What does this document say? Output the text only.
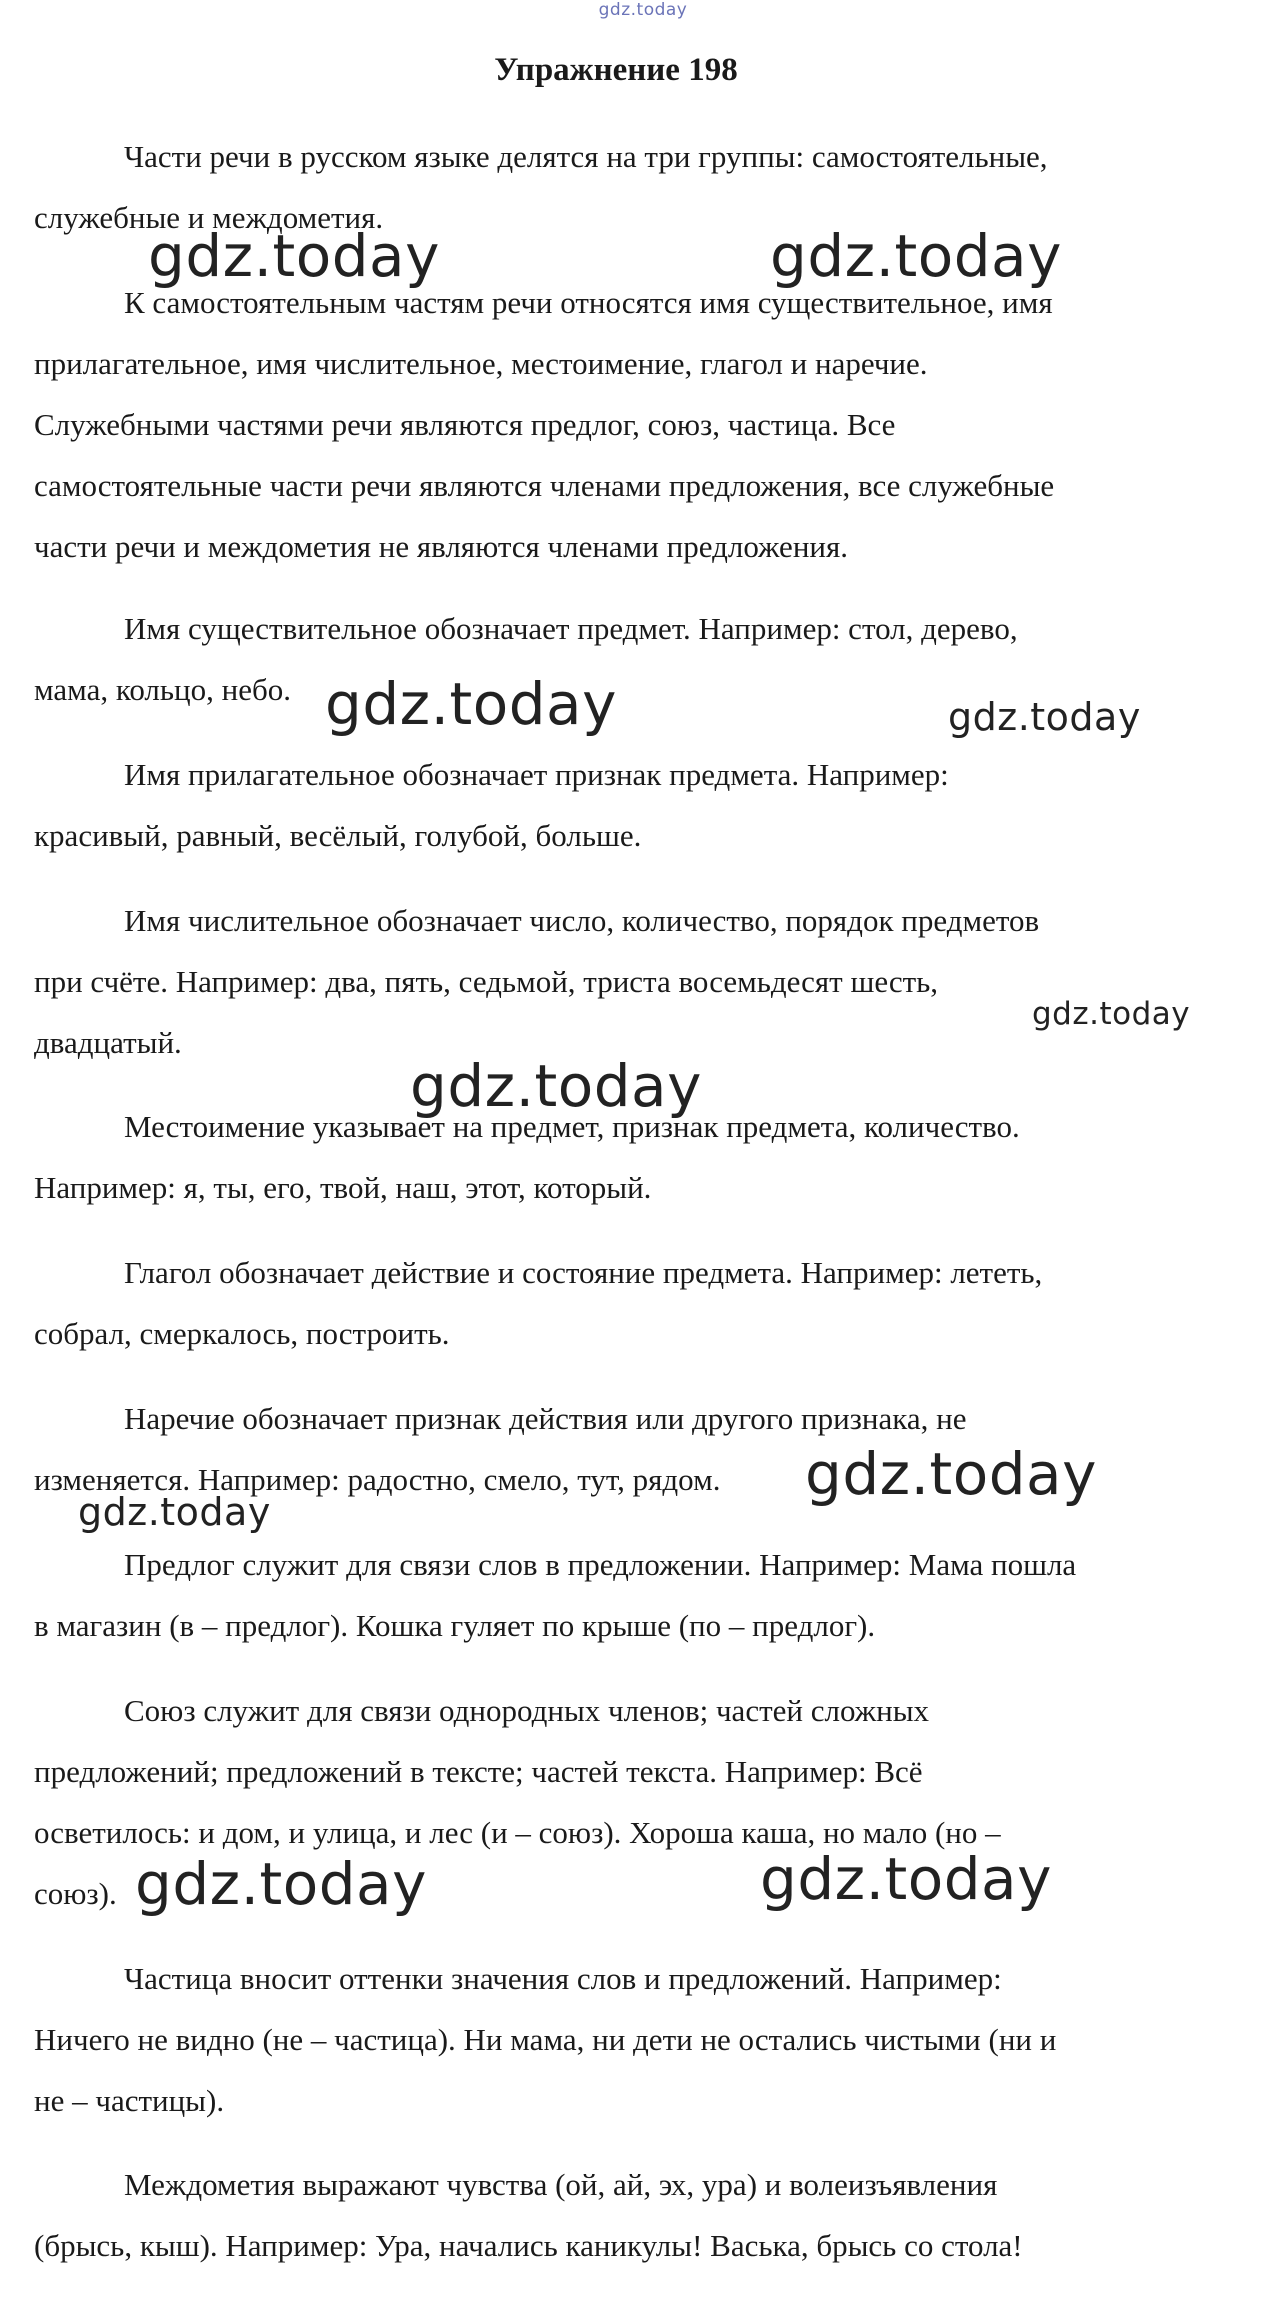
gdz.today
Упражнение 198
Части речи в русском языке делятся на три группы: самостоятельные,
служебные и междометия.
К самостоятельным частям речи относятся имя существительное, имя
прилагательное, имя числительное, местоимение, глагол и наречие.
Служебными частями речи являются предлог, союз, частица. Все
самостоятельные части речи являются членами предложения, все служебные
части речи и междометия не являются членами предложения.
Имя существительное обозначает предмет. Например: стол, дерево,
мама, кольцо, небо.
Имя прилагательное обозначает признак предмета. Например:
красивый, равный, весёлый, голубой, больше.
Имя числительное обозначает число, количество, порядок предметов
при счёте. Например: два, пять, седьмой, триста восемьдесят шесть,
двадцатый.
Местоимение указывает на предмет, признак предмета, количество.
Например: я, ты, его, твой, наш, этот, который.
Глагол обозначает действие и состояние предмета. Например: лететь,
собрал, смеркалось, построить.
Наречие обозначает признак действия или другого признака, не
изменяется. Например: радостно, смело, тут, рядом.
Предлог служит для связи слов в предложении. Например: Мама пошла
в магазин (в – предлог). Кошка гуляет по крыше (по – предлог).
Союз служит для связи однородных членов; частей сложных
предложений; предложений в тексте; частей текста. Например: Всё
осветилось: и дом, и улица, и лес (и – союз). Хороша каша, но мало (но –
союз).
Частица вносит оттенки значения слов и предложений. Например:
Ничего не видно (не – частица). Ни мама, ни дети не остались чистыми (ни и
не – частицы).
Междометия выражают чувства (ой, ай, эх, ура) и волеизъявления
(брысь, кыш). Например: Ура, начались каникулы! Васька, брысь со стола!
gdz.today	gdz.today
gdz.today	gdz.today
gdz.today
gdz.today
gdz.today
gdz.today
gdz.today	gdz.today
